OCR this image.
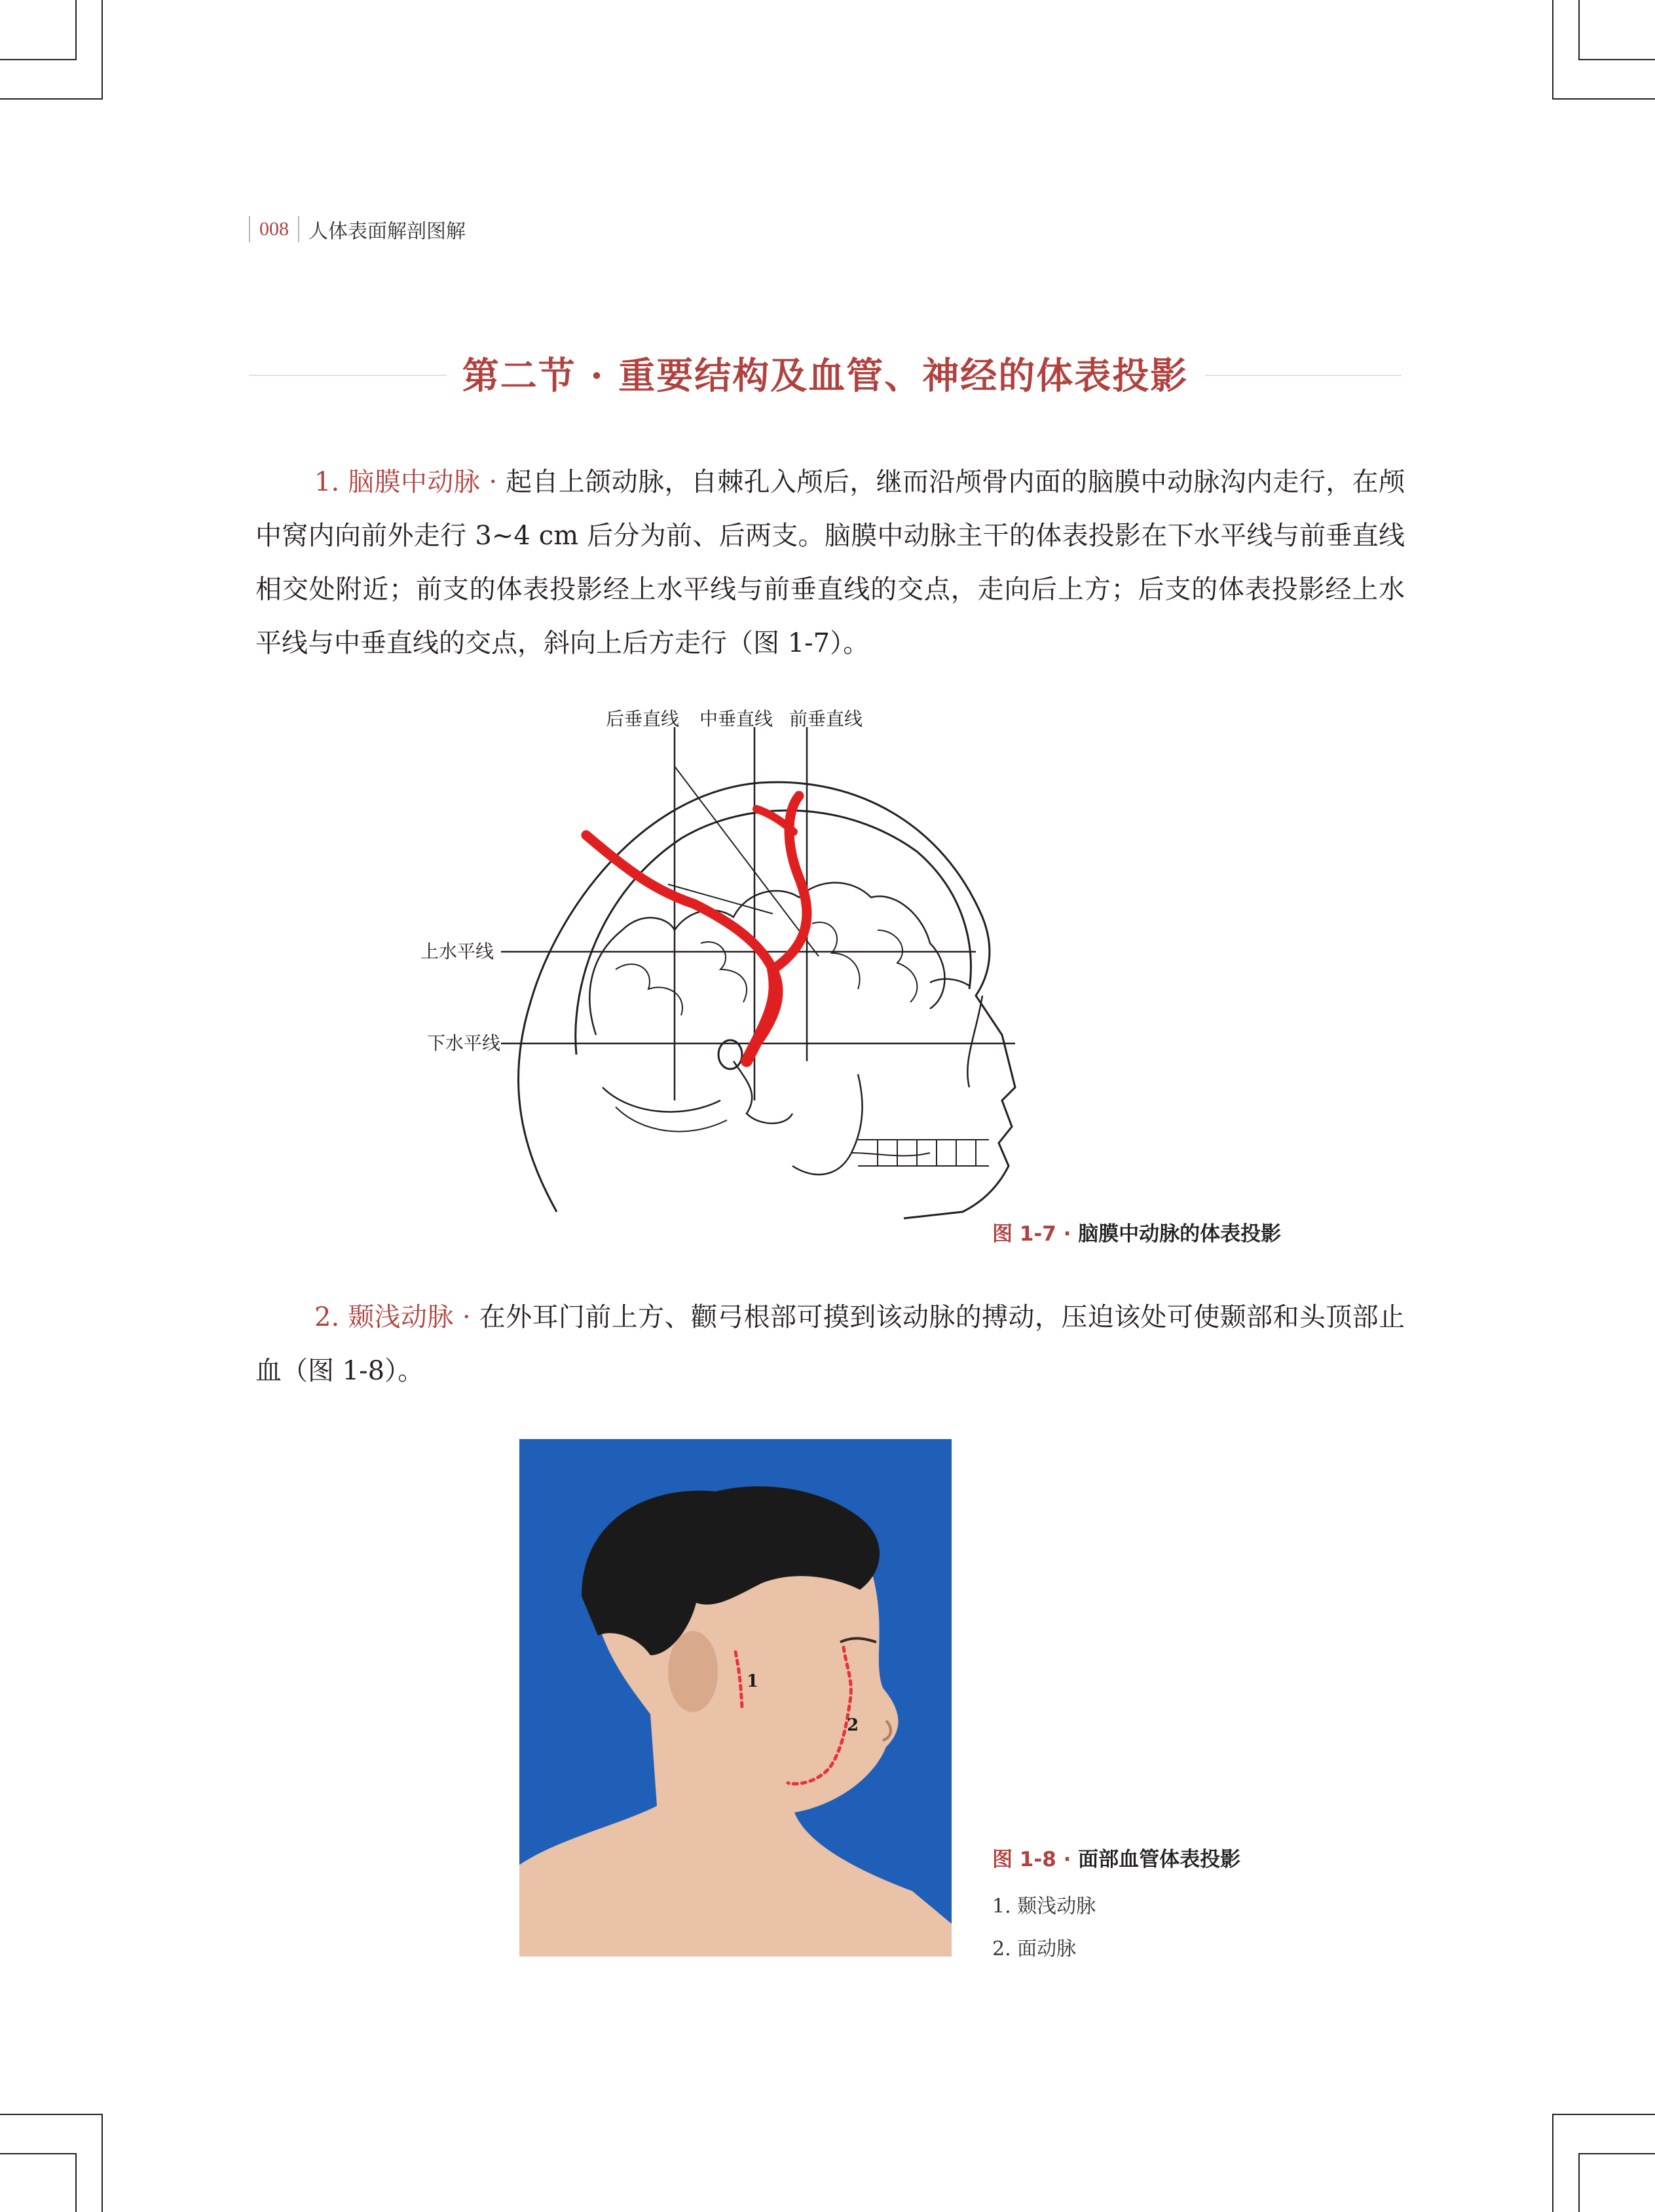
008 人体表面解剖图解
第二节 · 重要结构及血管、神经的体表投影

1. 脑膜中动脉 · 起自上颌动脉，自棘孔入颅后，继而沿颅骨内面的脑膜中动脉沟内走行，在颅中窝内向前外走行 3~4 cm 后分为前、后两支。脑膜中动脉主干的体表投影在下水平线与前垂直线相交处附近；前支的体表投影经上水平线与前垂直线的交点，走向后上方；后支的体表投影经上水平线与中垂直线的交点，斜向上后方走行（图 1-7）。

后垂直线 中垂直线 前垂直线
上水平线
下水平线
图 1-7 · 脑膜中动脉的体表投影

2. 颞浅动脉 · 在外耳门前上方、颧弓根部可摸到该动脉的搏动，压迫该处可使颞部和头顶部止血（图 1-8）。

1
2
图 1-8 · 面部血管体表投影
1. 颞浅动脉
2. 面动脉
